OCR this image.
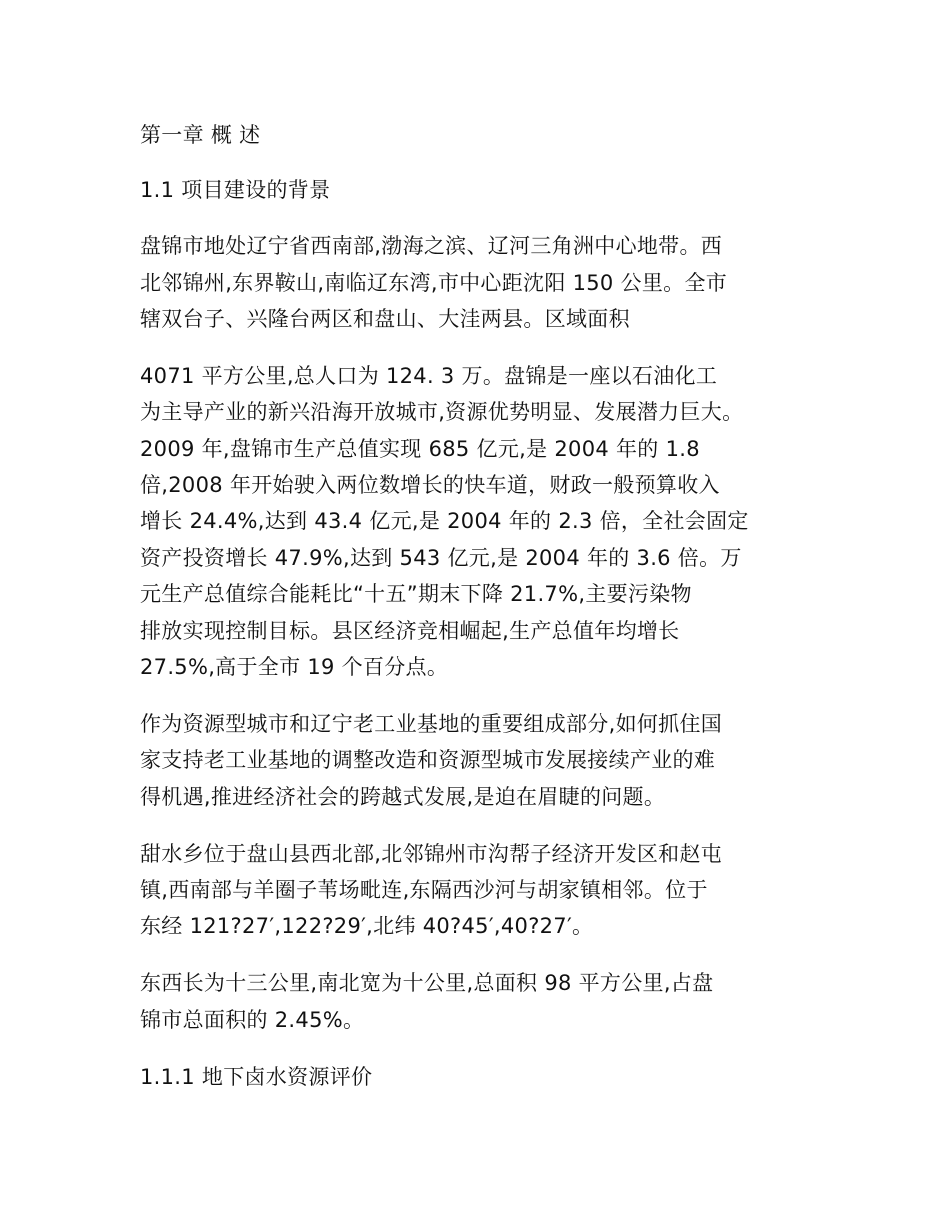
第一章 概 述
1.1 项目建设的背景
盘锦市地处辽宁省西南部,渤海之滨、辽河三角洲中心地带。西
北邻锦州,东界鞍山,南临辽东湾,市中心距沈阳 150 公里。全市
辖双台子、兴隆台两区和盘山、大洼两县。区域面积
4071 平方公里,总人口为 124. 3 万。盘锦是一座以石油化工
为主导产业的新兴沿海开放城市,资源优势明显、发展潜力巨大。
2009 年,盘锦市生产总值实现 685 亿元,是 2004 年的 1.8
倍,2008 年开始驶入两位数增长的快车道，财政一般预算收入
增长 24.4%,达到 43.4 亿元,是 2004 年的 2.3 倍，全社会固定
资产投资增长 47.9%,达到 543 亿元,是 2004 年的 3.6 倍。万
元生产总值综合能耗比“十五”期末下降 21.7%,主要污染物
排放实现控制目标。县区经济竞相崛起,生产总值年均增长
27.5%,高于全市 19 个百分点。
作为资源型城市和辽宁老工业基地的重要组成部分,如何抓住国
家支持老工业基地的调整改造和资源型城市发展接续产业的难
得机遇,推进经济社会的跨越式发展,是迫在眉睫的问题。
甜水乡位于盘山县西北部,北邻锦州市沟帮子经济开发区和赵屯
镇,西南部与羊圈子苇场毗连,东隔西沙河与胡家镇相邻。位于
东经 121?27′,122?29′,北纬 40?45′,40?27′。
东西长为十三公里,南北宽为十公里,总面积 98 平方公里,占盘
锦市总面积的 2.45%。
1.1.1 地下卤水资源评价
